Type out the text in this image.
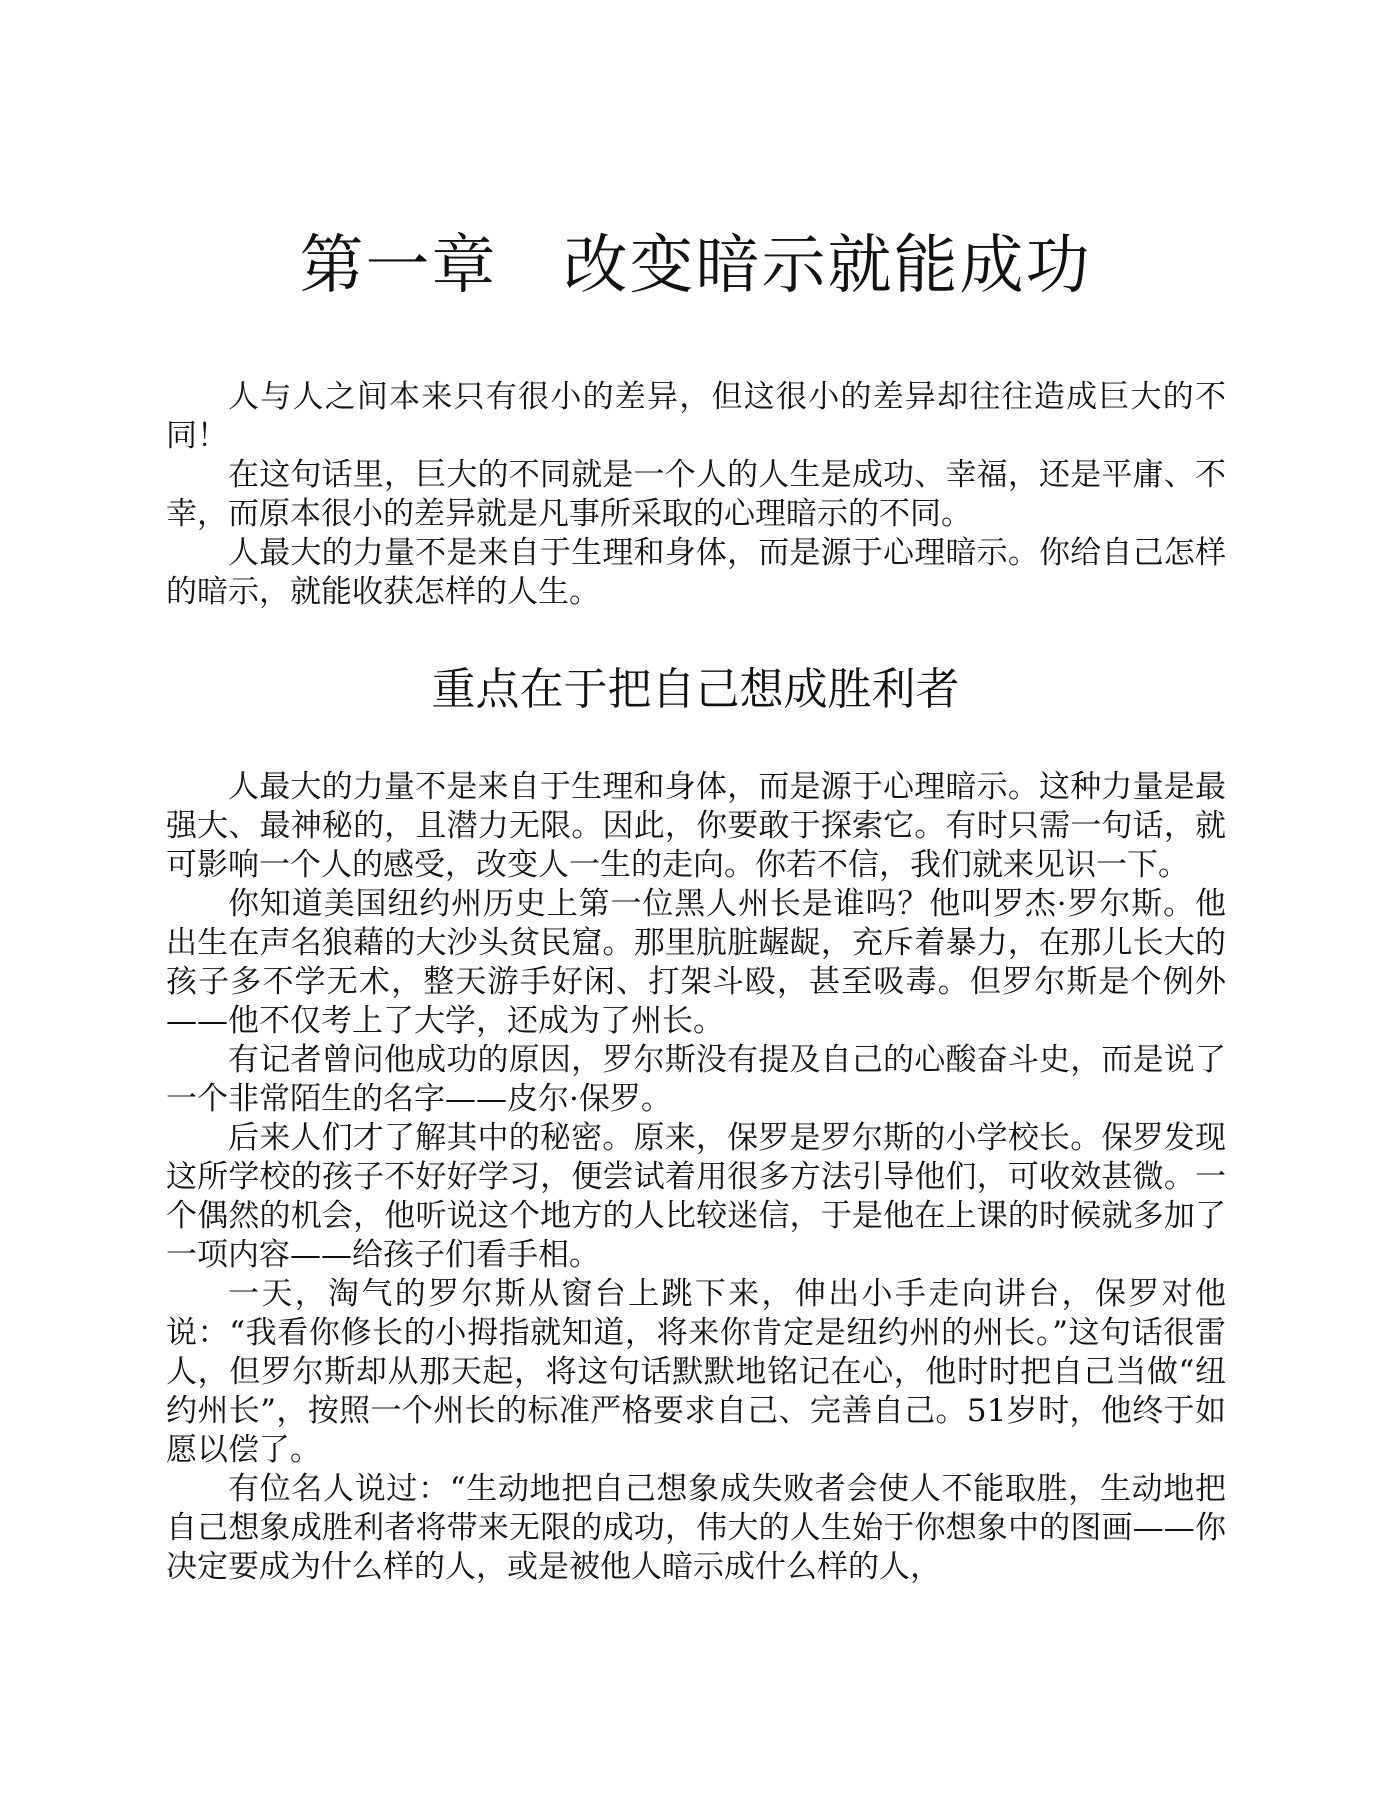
第一章　改变暗示就能成功

人与人之间本来只有很小的差异，但这很小的差异却往往造成巨大的不同！

在这句话里，巨大的不同就是一个人的人生是成功、幸福，还是平庸、不幸，而原本很小的差异就是凡事所采取的心理暗示的不同。

人最大的力量不是来自于生理和身体，而是源于心理暗示。你给自己怎样的暗示，就能收获怎样的人生。

重点在于把自己想成胜利者

人最大的力量不是来自于生理和身体，而是源于心理暗示。这种力量是最强大、最神秘的，且潜力无限。因此，你要敢于探索它。有时只需一句话，就可影响一个人的感受，改变人一生的走向。你若不信，我们就来见识一下。

你知道美国纽约州历史上第一位黑人州长是谁吗？他叫罗杰·罗尔斯。他出生在声名狼藉的大沙头贫民窟。那里肮脏龌龊，充斥着暴力，在那儿长大的孩子多不学无术，整天游手好闲、打架斗殴，甚至吸毒。但罗尔斯是个例外——他不仅考上了大学，还成为了州长。

有记者曾问他成功的原因，罗尔斯没有提及自己的心酸奋斗史，而是说了一个非常陌生的名字——皮尔·保罗。

后来人们才了解其中的秘密。原来，保罗是罗尔斯的小学校长。保罗发现这所学校的孩子不好好学习，便尝试着用很多方法引导他们，可收效甚微。一个偶然的机会，他听说这个地方的人比较迷信，于是他在上课的时候就多加了一项内容——给孩子们看手相。

一天，淘气的罗尔斯从窗台上跳下来，伸出小手走向讲台，保罗对他说：“我看你修长的小拇指就知道，将来你肯定是纽约州的州长。”这句话很雷人，但罗尔斯却从那天起，将这句话默默地铭记在心，他时时把自己当做“纽约州长”，按照一个州长的标准严格要求自己、完善自己。51岁时，他终于如愿以偿了。

有位名人说过：“生动地把自己想象成失败者会使人不能取胜，生动地把自己想象成胜利者将带来无限的成功，伟大的人生始于你想象中的图画——你决定要成为什么样的人，或是被他人暗示成什么样的人，
